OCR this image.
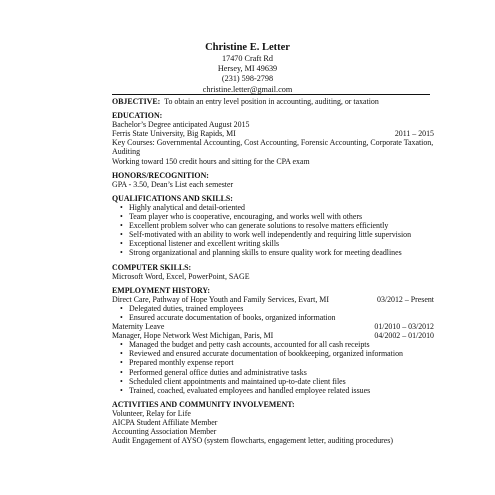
Christine E. Letter
17470 Craft Rd
Hersey, MI 49639
(231) 598-2798
christine.letter@gmail.com
OBJECTIVE: To obtain an entry level position in accounting, auditing, or taxation
EDUCATION:
Bachelor’s Degree anticipated August 2015
Ferris State University, Big Rapids, MI	2011 – 2015
Key Courses: Governmental Accounting, Cost Accounting, Forensic Accounting, Corporate Taxation, Auditing
Working toward 150 credit hours and sitting for the CPA exam
HONORS/RECOGNITION:
GPA - 3.50, Dean’s List each semester
QUALIFICATIONS AND SKILLS:
• Highly analytical and detail-oriented
• Team player who is cooperative, encouraging, and works well with others
• Excellent problem solver who can generate solutions to resolve matters efficiently
• Self-motivated with an ability to work well independently and requiring little supervision
• Exceptional listener and excellent writing skills
• Strong organizational and planning skills to ensure quality work for meeting deadlines
COMPUTER SKILLS:
Microsoft Word, Excel, PowerPoint, SAGE
EMPLOYMENT HISTORY:
Direct Care, Pathway of Hope Youth and Family Services, Evart, MI	03/2012 – Present
• Delegated duties, trained employees
• Ensured accurate documentation of books, organized information
Maternity Leave	01/2010 – 03/2012
Manager, Hope Network West Michigan, Paris, MI	04/2002 – 01/2010
• Managed the budget and petty cash accounts, accounted for all cash receipts
• Reviewed and ensured accurate documentation of bookkeeping, organized information
• Prepared monthly expense report
• Performed general office duties and administrative tasks
• Scheduled client appointments and maintained up-to-date client files
• Trained, coached, evaluated employees and handled employee related issues
ACTIVITIES AND COMMUNITY INVOLVEMENT:
Volunteer, Relay for Life
AICPA Student Affiliate Member
Accounting Association Member
Audit Engagement of AYSO (system flowcharts, engagement letter, auditing procedures)
